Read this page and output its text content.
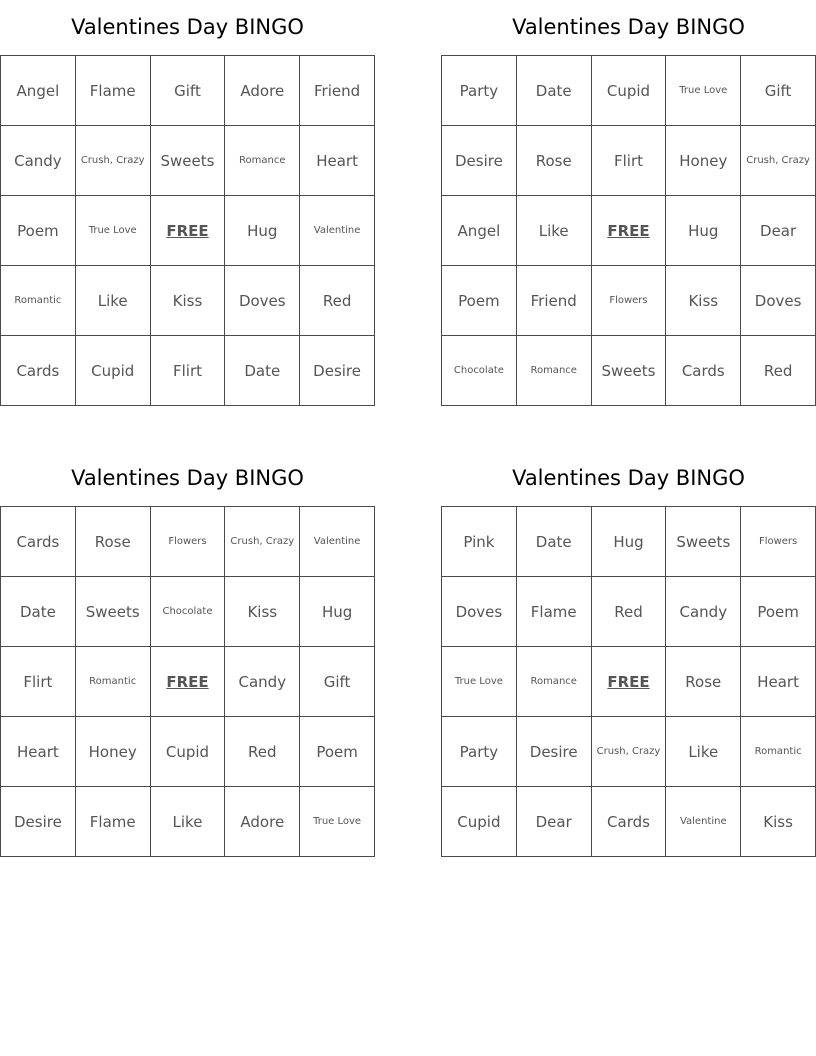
Valentines Day BINGO
Angel	Flame	Gift	Adore	Friend
Candy	Crush, Crazy	Sweets	Romance	Heart
Poem	True Love	FREE	Hug	Valentine
Romantic	Like	Kiss	Doves	Red
Cards	Cupid	Flirt	Date	Desire
Valentines Day BINGO
Party	Date	Cupid	True Love	Gift
Desire	Rose	Flirt	Honey	Crush, Crazy
Angel	Like	FREE	Hug	Dear
Poem	Friend	Flowers	Kiss	Doves
Chocolate	Romance	Sweets	Cards	Red
Valentines Day BINGO
Cards	Rose	Flowers	Crush, Crazy	Valentine
Date	Sweets	Chocolate	Kiss	Hug
Flirt	Romantic	FREE	Candy	Gift
Heart	Honey	Cupid	Red	Poem
Desire	Flame	Like	Adore	True Love
Valentines Day BINGO
Pink	Date	Hug	Sweets	Flowers
Doves	Flame	Red	Candy	Poem
True Love	Romance	FREE	Rose	Heart
Party	Desire	Crush, Crazy	Like	Romantic
Cupid	Dear	Cards	Valentine	Kiss
